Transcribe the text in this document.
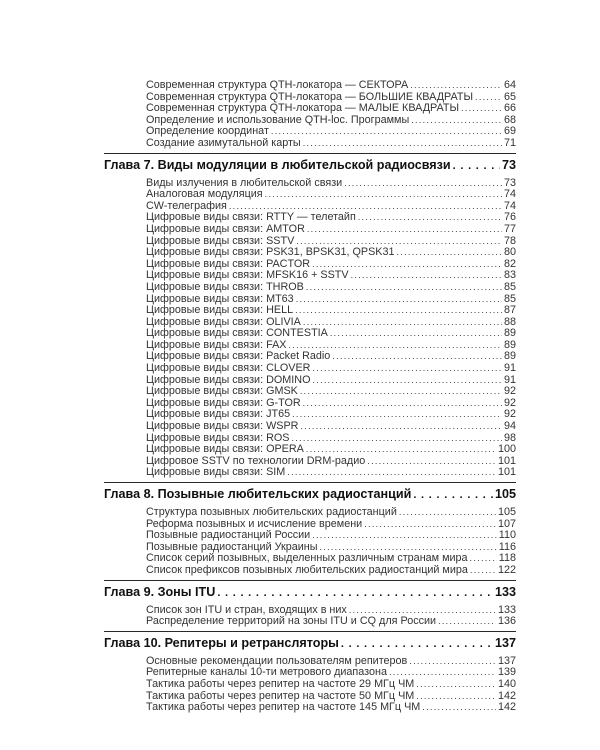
Современная структура QTH-локатора — СЕКТОРА . . .	64
Современная структура QTH-локатора — БОЛЬШИЕ КВАДРАТЫ . . .	65
Современная структура QTH-локатора — МАЛЫЕ КВАДРАТЫ . . .	66
Определение и использование QTH-loc. Программы . . .	68
Определение координат . . .	69
Создание азимутальной карты . . .	71
Глава 7. Виды модуляции в любительской радиосвязи . . .	73
Виды излучения в любительской связи . . .	73
Аналоговая модуляция . . .	74
CW-телеграфия . . .	74
Цифровые виды связи: RTTY — телетайп . . .	76
Цифровые виды связи: AMTOR . . .	77
Цифровые виды связи: SSTV . . .	78
Цифровые виды связи: PSK31, BPSK31, QPSK31 . . .	80
Цифровые виды связи: PACTOR . . .	82
Цифровые виды связи: MFSK16 + SSTV . . .	83
Цифровые виды связи: THROB . . .	85
Цифровые виды связи: MT63 . . .	85
Цифровые виды связи: HELL . . .	87
Цифровые виды связи: OLIVIA . . .	88
Цифровые виды связи: CONTESTIA . . .	89
Цифровые виды связи: FAX . . .	89
Цифровые виды связи: Packet Radio . . .	89
Цифровые виды связи: CLOVER . . .	91
Цифровые виды связи: DOMINO . . .	91
Цифровые виды связи: GMSK . . .	92
Цифровые виды связи: G-TOR . . .	92
Цифровые виды связи: JT65 . . .	92
Цифровые виды связи: WSPR . . .	94
Цифровые виды связи: ROS . . .	98
Цифровые виды связи: OPERA . . .	100
Цифровое SSTV по технологии DRM-радио . . .	101
Цифровые виды связи: SIM . . .	101
Глава 8. Позывные любительских радиостанций . . .	105
Структура позывных любительских радиостанций . . .	105
Реформа позывных и исчисление времени . . .	107
Позывные радиостанций России . . .	110
Позывные радиостанций Украины . . .	116
Список серий позывных, выделенных различным странам мира . . .	118
Список префиксов позывных любительских радиостанций мира . . .	122
Глава 9. Зоны ITU . . .	133
Список зон ITU и стран, входящих в них . . .	133
Распределение территорий на зоны ITU и CQ для России . . .	136
Глава 10. Репитеры и ретрансляторы . . .	137
Основные рекомендации пользователям репитеров . . .	137
Репитерные каналы 10-ти метрового диапазона . . .	139
Тактика работы через репитер на частоте 29 МГц ЧМ . . .	140
Тактика работы через репитер на частоте 50 МГц ЧМ . . .	142
Тактика работы через репитер на частоте 145 МГц ЧМ . . .	142
